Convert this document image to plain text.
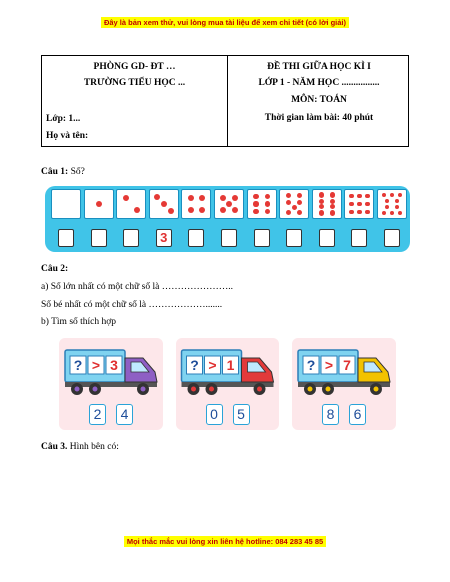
Đây là bản xem thử, vui lòng mua tài liệu để xem chi tiết (có lời giải)
PHÒNG GD- ĐT …
TRƯỜNG TIỂU HỌC ...
Lớp: 1...
Họ và tên:
ĐỀ THI GIỮA HỌC KÌ I
LỚP 1 - NĂM HỌC ................
MÔN: TOÁN
Thời gian làm bài: 40 phút
Câu 1: Số?
3
Câu 2:
a) Số lớn nhất có một chữ số là …………………..
Số bé nhất có một chữ số là ……………….......
b) Tìm số thích hợp
? > 3
2	4
? > 1
0	5
? > 7
8	6
Câu 3. Hình bên có:
Mọi thắc mắc vui lòng xin liên hệ hotline: 084 283 45 85
